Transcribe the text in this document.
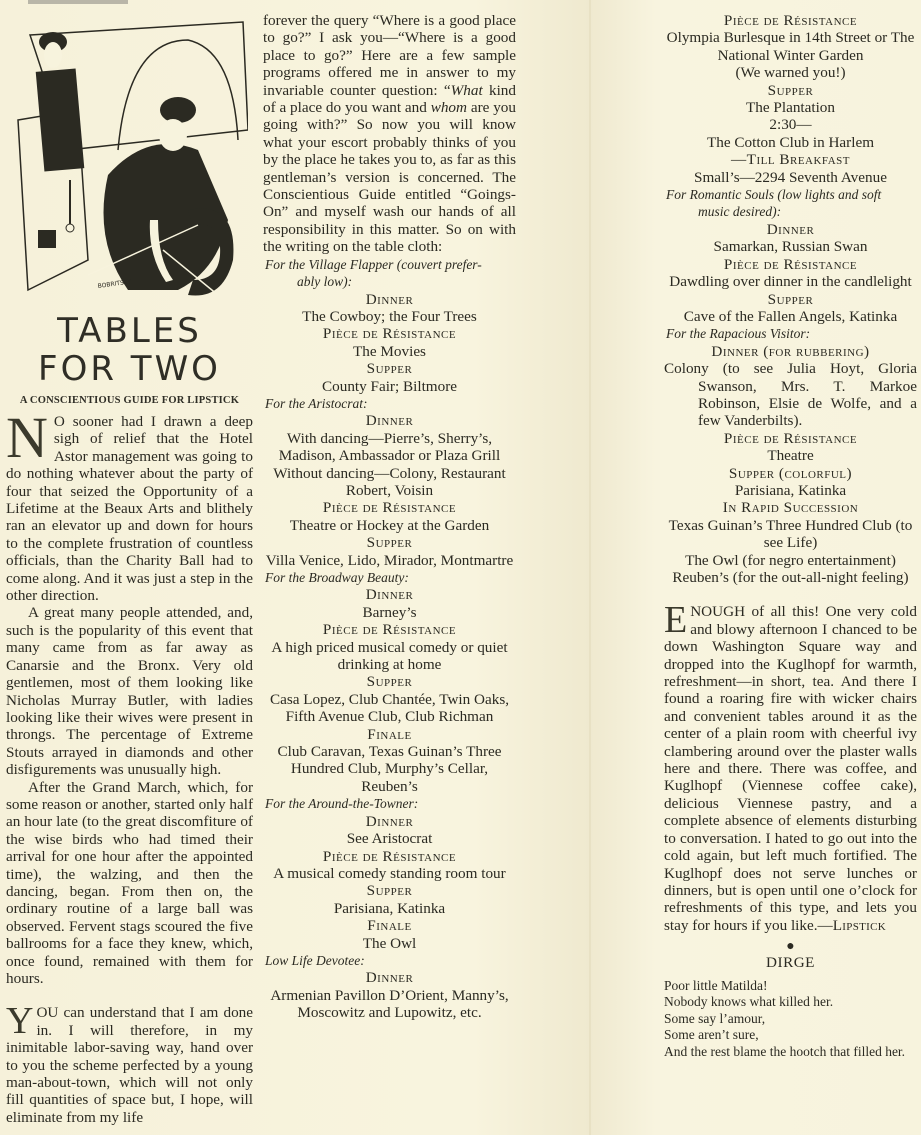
BOBRITSKY
TABLES
FOR TWO
A CONSCIENTIOUS GUIDE FOR LIPSTICK

N O sooner had I drawn a deep sigh of relief that the Hotel Astor management was going to do nothing whatever about the party of four that seized the Opportunity of a Lifetime at the Beaux Arts and blithely ran an elevator up and down for hours to the complete frustration of countless officials, than the Charity Ball had to come along. And it was just a step in the other direction.

A great many people attended, and, such is the popularity of this event that many came from as far away as Canarsie and the Bronx. Very old gentlemen, most of them looking like Nicholas Murray Butler, with ladies looking like their wives were present in throngs. The percentage of Extreme Stouts arrayed in diamonds and other disfigurements was unusually high.

After the Grand March, which, for some reason or another, started only half an hour late (to the great discomfiture of the wise birds who had timed their arrival for one hour after the appointed time), the walzing, and then the dancing, began. From then on, the ordinary routine of a large ball was observed. Fervent stags scoured the five ballrooms for a face they knew, which, once found, remained with them for hours.

YOU can understand that I am done in. I will therefore, in my inimitable labor-saving way, hand over to you the scheme perfected by a young man-about-town, which will not only fill quantities of space but, I hope, will eliminate from my life

forever the query “Where is a good place to go?” I ask you—“Where is a good place to go?” Here are a few sample programs offered me in answer to my invariable counter question: “What kind of a place do you want and whom are you going with?” So now you will know what your escort probably thinks of you by the place he takes you to, as far as this gentleman’s version is concerned. The Conscientious Guide entitled “Goings-On” and myself wash our hands of all responsibility in this matter. So on with the writing on the table cloth:

For the Village Flapper (couvert prefer-
ably low):
Dinner
The Cowboy; the Four Trees
Pièce de Résistance
The Movies
Supper
County Fair; Biltmore
For the Aristocrat:
Dinner
With dancing—Pierre’s, Sherry’s, Madison, Ambassador or Plaza Grill
Without dancing—Colony, Restaurant Robert, Voisin
Pièce de Résistance
Theatre or Hockey at the Garden
Supper
Villa Venice, Lido, Mirador, Montmartre
For the Broadway Beauty:
Dinner
Barney’s
Pièce de Résistance
A high priced musical comedy or quiet drinking at home
Supper
Casa Lopez, Club Chantée, Twin Oaks, Fifth Avenue Club, Club Richman
Finale
Club Caravan, Texas Guinan’s Three Hundred Club, Murphy’s Cellar, Reuben’s
For the Around-the-Towner:
Dinner
See Aristocrat
Pièce de Résistance
A musical comedy standing room tour
Supper
Parisiana, Katinka
Finale
The Owl
Low Life Devotee:
Dinner
Armenian Pavillon D’Orient, Manny’s, Moscowitz and Lupowitz, etc.
Pièce de Résistance
Olympia Burlesque in 14th Street or The National Winter Garden
(We warned you!)
Supper
The Plantation
2:30—
The Cotton Club in Harlem
—Till Breakfast
Small’s—2294 Seventh Avenue
For Romantic Souls (low lights and soft
music desired):
Dinner
Samarkan, Russian Swan
Pièce de Résistance
Dawdling over dinner in the candlelight
Supper
Cave of the Fallen Angels, Katinka
For the Rapacious Visitor:
Dinner (for rubbering)
Colony (to see Julia Hoyt, Gloria Swanson, Mrs. T. Markoe Robinson, Elsie de Wolfe, and a few Vanderbilts).
Pièce de Résistance
Theatre
Supper (colorful)
Parisiana, Katinka
In Rapid Succession
Texas Guinan’s Three Hundred Club (to see Life)
The Owl (for negro entertainment)
Reuben’s (for the out-all-night feeling)

ENOUGH of all this! One very cold and blowy afternoon I chanced to be down Washington Square way and dropped into the Kuglhopf for warmth, refreshment—in short, tea. And there I found a roaring fire with wicker chairs and convenient tables around it as the center of a plain room with cheerful ivy clambering around over the plaster walls here and there. There was coffee, and Kuglhopf (Viennese coffee cake), delicious Viennese pastry, and a complete absence of elements disturbing to conversation. I hated to go out into the cold again, but left much fortified. The Kuglhopf does not serve lunches or dinners, but is open until one o’clock for refreshments of this type, and lets you stay for hours if you like.—Lipstick

●
DIRGE
Poor little Matilda!
Nobody knows what killed her.
Some say l’amour,
Some aren’t sure,
And the rest blame the hootch that filled her.
